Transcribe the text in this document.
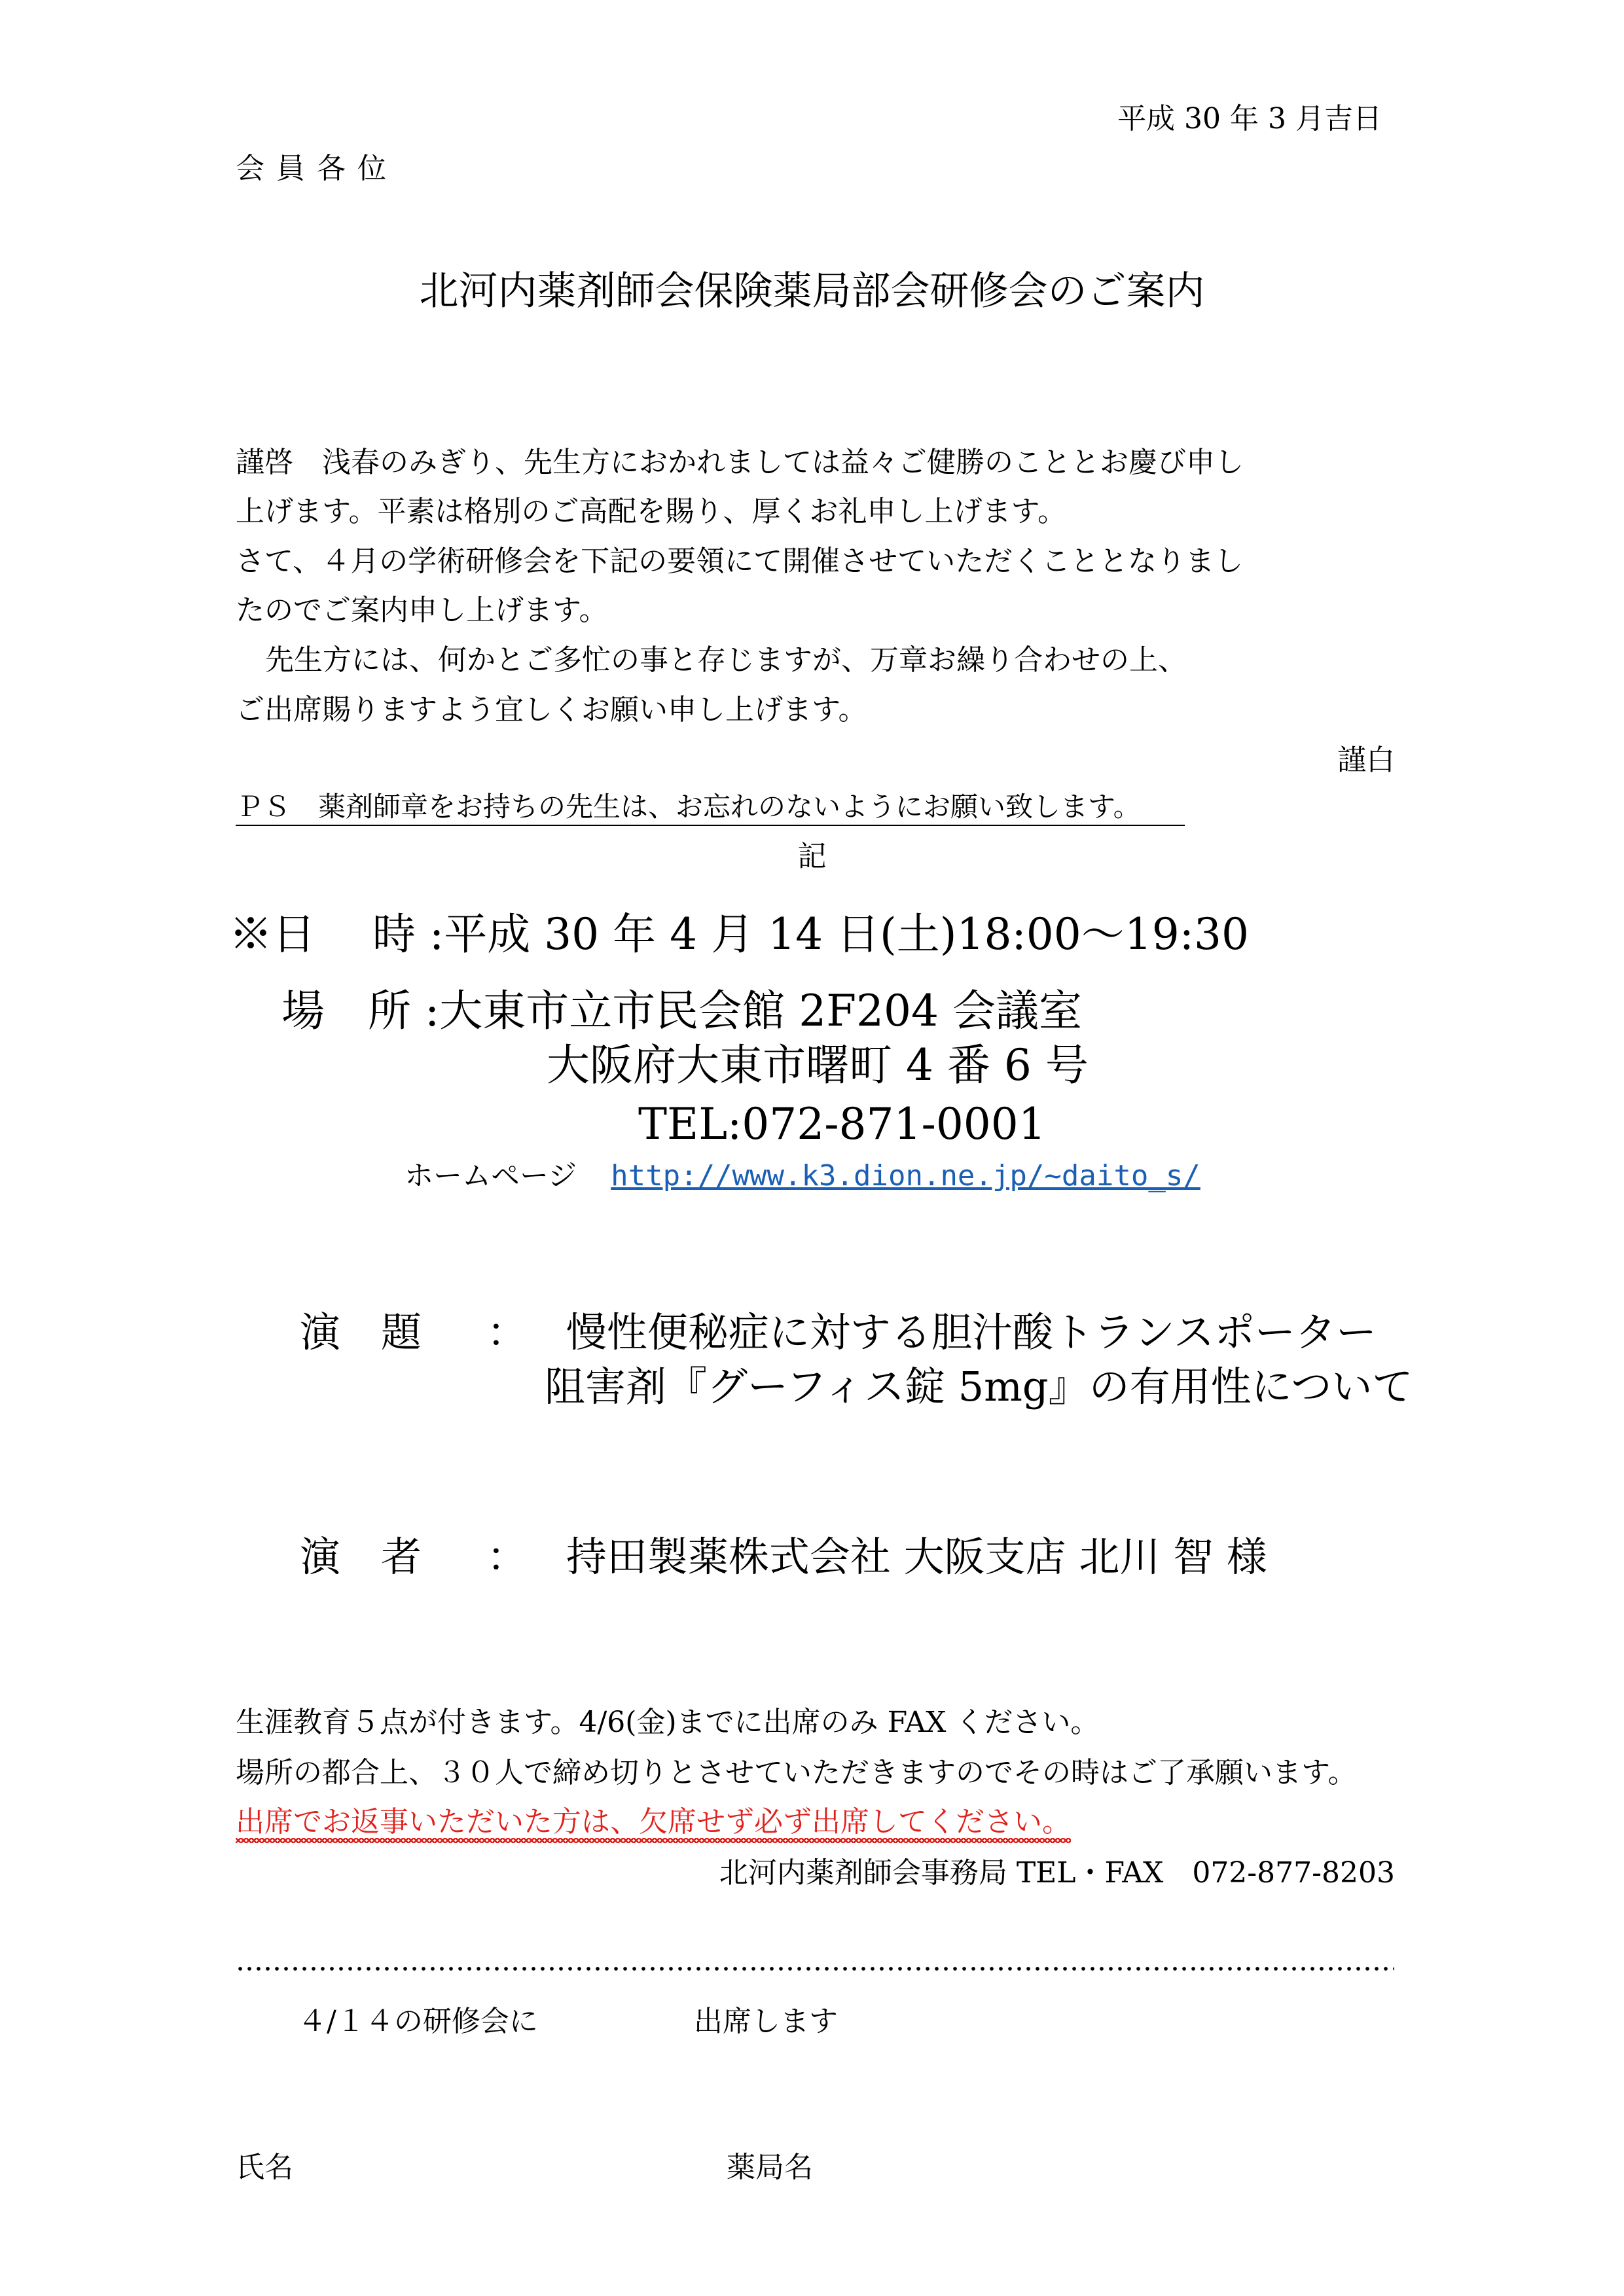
平成 30 年 3 月吉日
会員各位
北河内薬剤師会保険薬局部会研修会のご案内
謹啓　浅春のみぎり、先生方におかれましては益々ご健勝のこととお慶び申し
上げます。平素は格別のご高配を賜り、厚くお礼申し上げます。
さて、４月の学術研修会を下記の要領にて開催させていただくこととなりまし
たのでご案内申し上げます。
先生方には、何かとご多忙の事と存じますが、万章お繰り合わせの上、
ご出席賜りますよう宜しくお願い申し上げます。
謹白
ＰＳ　薬剤師章をお持ちの先生は、お忘れのないようにお願い致します。
記
※日　 時 :平成 30 年 4 月 14 日(土)18:00～19:30
場　所 :大東市立市民会館 2F204 会議室
大阪府大東市曙町 4 番 6 号
TEL:072-871-0001
ホームページ http://www.k3.dion.ne.jp/~daito_s/
演　題 ： 慢性便秘症に対する胆汁酸トランスポーター
阻害剤『グーフィス錠 5mg』の有用性について
演　者 ： 持田製薬株式会社 大阪支店 北川 智 様
生涯教育５点が付きます。4/6(金)までに出席のみ FAX ください。
場所の都合上、３０人で締め切りとさせていただきますのでその時はご了承願います。
出席でお返事いただいた方は、欠席せず必ず出席してください。
北河内薬剤師会事務局 TEL・FAX　072-877-8203
４/１４の研修会に	出席します
氏名	薬局名
